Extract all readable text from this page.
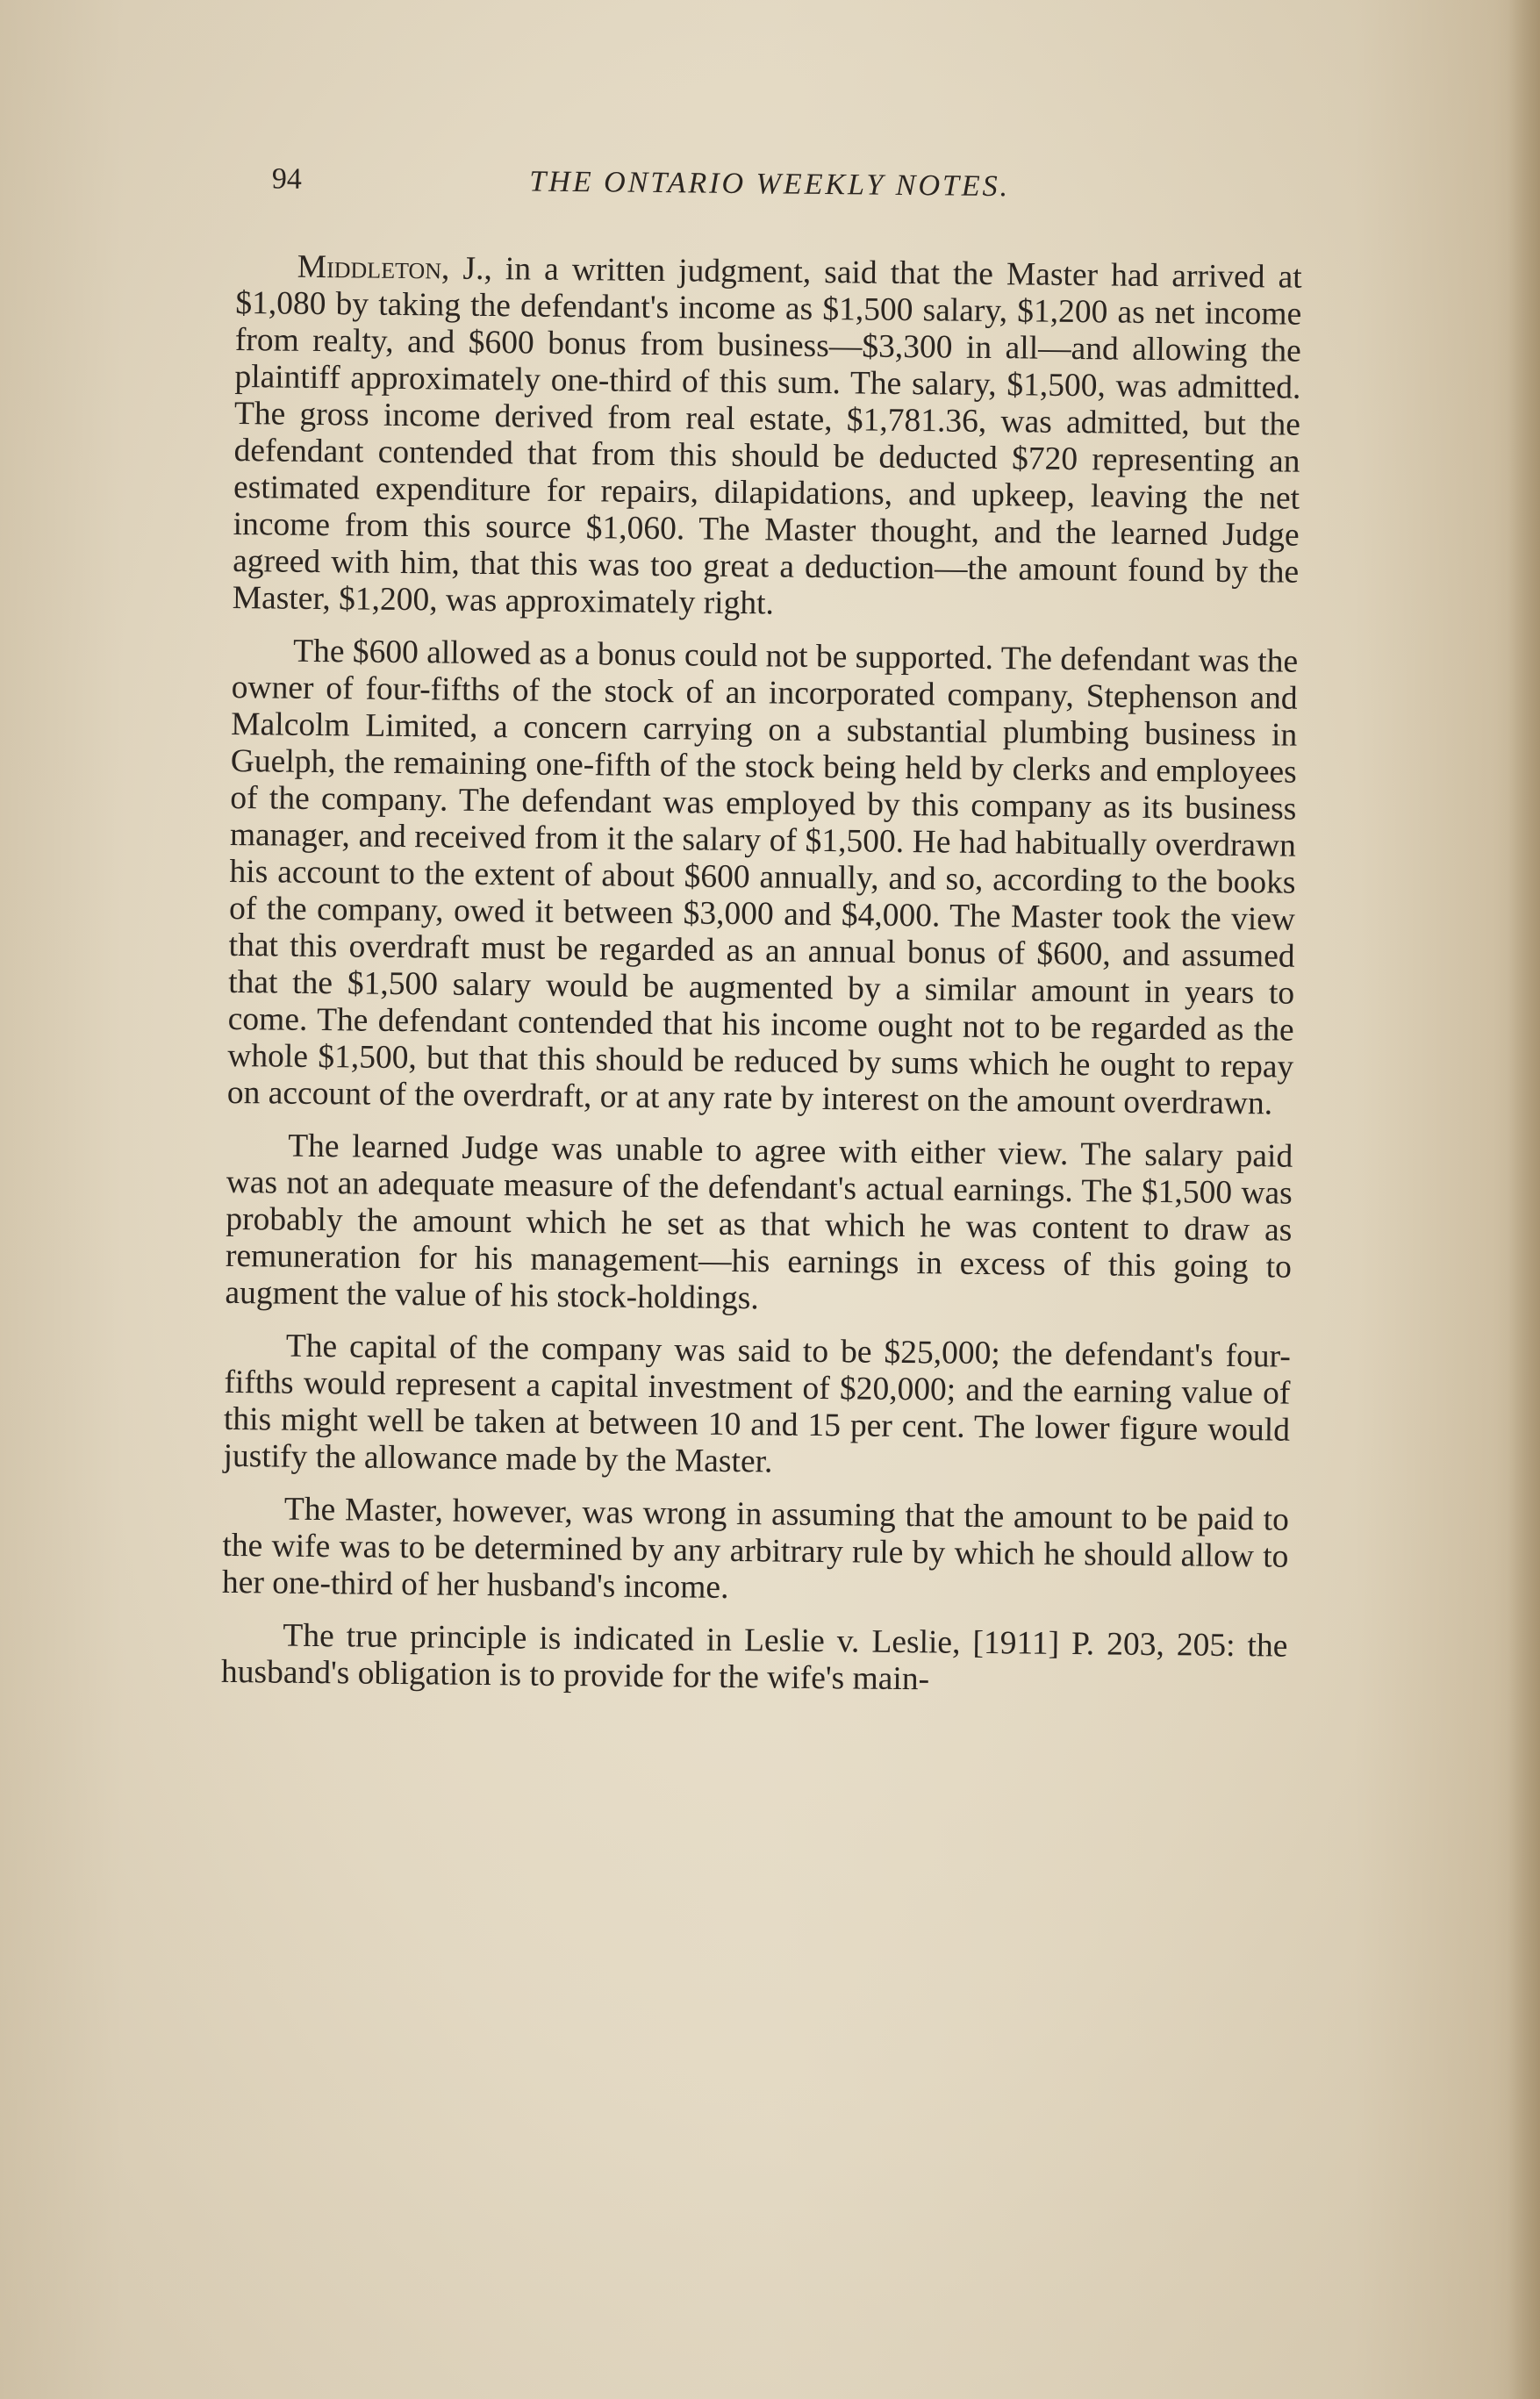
94	THE ONTARIO WEEKLY NOTES.

Middleton, J., in a written judgment, said that the Master had arrived at $1,080 by taking the defendant's income as $1,500 salary, $1,200 as net income from realty, and $600 bonus from business—$3,300 in all—and allowing the plaintiff approximately one-third of this sum. The salary, $1,500, was admitted. The gross income derived from real estate, $1,781.36, was admitted, but the defendant contended that from this should be deducted $720 representing an estimated expenditure for repairs, dilapidations, and upkeep, leaving the net income from this source $1,060. The Master thought, and the learned Judge agreed with him, that this was too great a deduction—the amount found by the Master, $1,200, was approximately right.

The $600 allowed as a bonus could not be supported. The defendant was the owner of four-fifths of the stock of an incorporated company, Stephenson and Malcolm Limited, a concern carrying on a substantial plumbing business in Guelph, the remaining one-fifth of the stock being held by clerks and employees of the company. The defendant was employed by this company as its business manager, and received from it the salary of $1,500. He had habitually overdrawn his account to the extent of about $600 annually, and so, according to the books of the company, owed it between $3,000 and $4,000. The Master took the view that this overdraft must be regarded as an annual bonus of $600, and assumed that the $1,500 salary would be augmented by a similar amount in years to come. The defendant contended that his income ought not to be regarded as the whole $1,500, but that this should be reduced by sums which he ought to repay on account of the overdraft, or at any rate by interest on the amount overdrawn.

The learned Judge was unable to agree with either view. The salary paid was not an adequate measure of the defendant's actual earnings. The $1,500 was probably the amount which he set as that which he was content to draw as remuneration for his management—his earnings in excess of this going to augment the value of his stock-holdings.

The capital of the company was said to be $25,000; the defendant's four-fifths would represent a capital investment of $20,000; and the earning value of this might well be taken at between 10 and 15 per cent. The lower figure would justify the allowance made by the Master.

The Master, however, was wrong in assuming that the amount to be paid to the wife was to be determined by any arbitrary rule by which he should allow to her one-third of her husband's income.

The true principle is indicated in Leslie v. Leslie, [1911] P. 203, 205: the husband's obligation is to provide for the wife's main-
